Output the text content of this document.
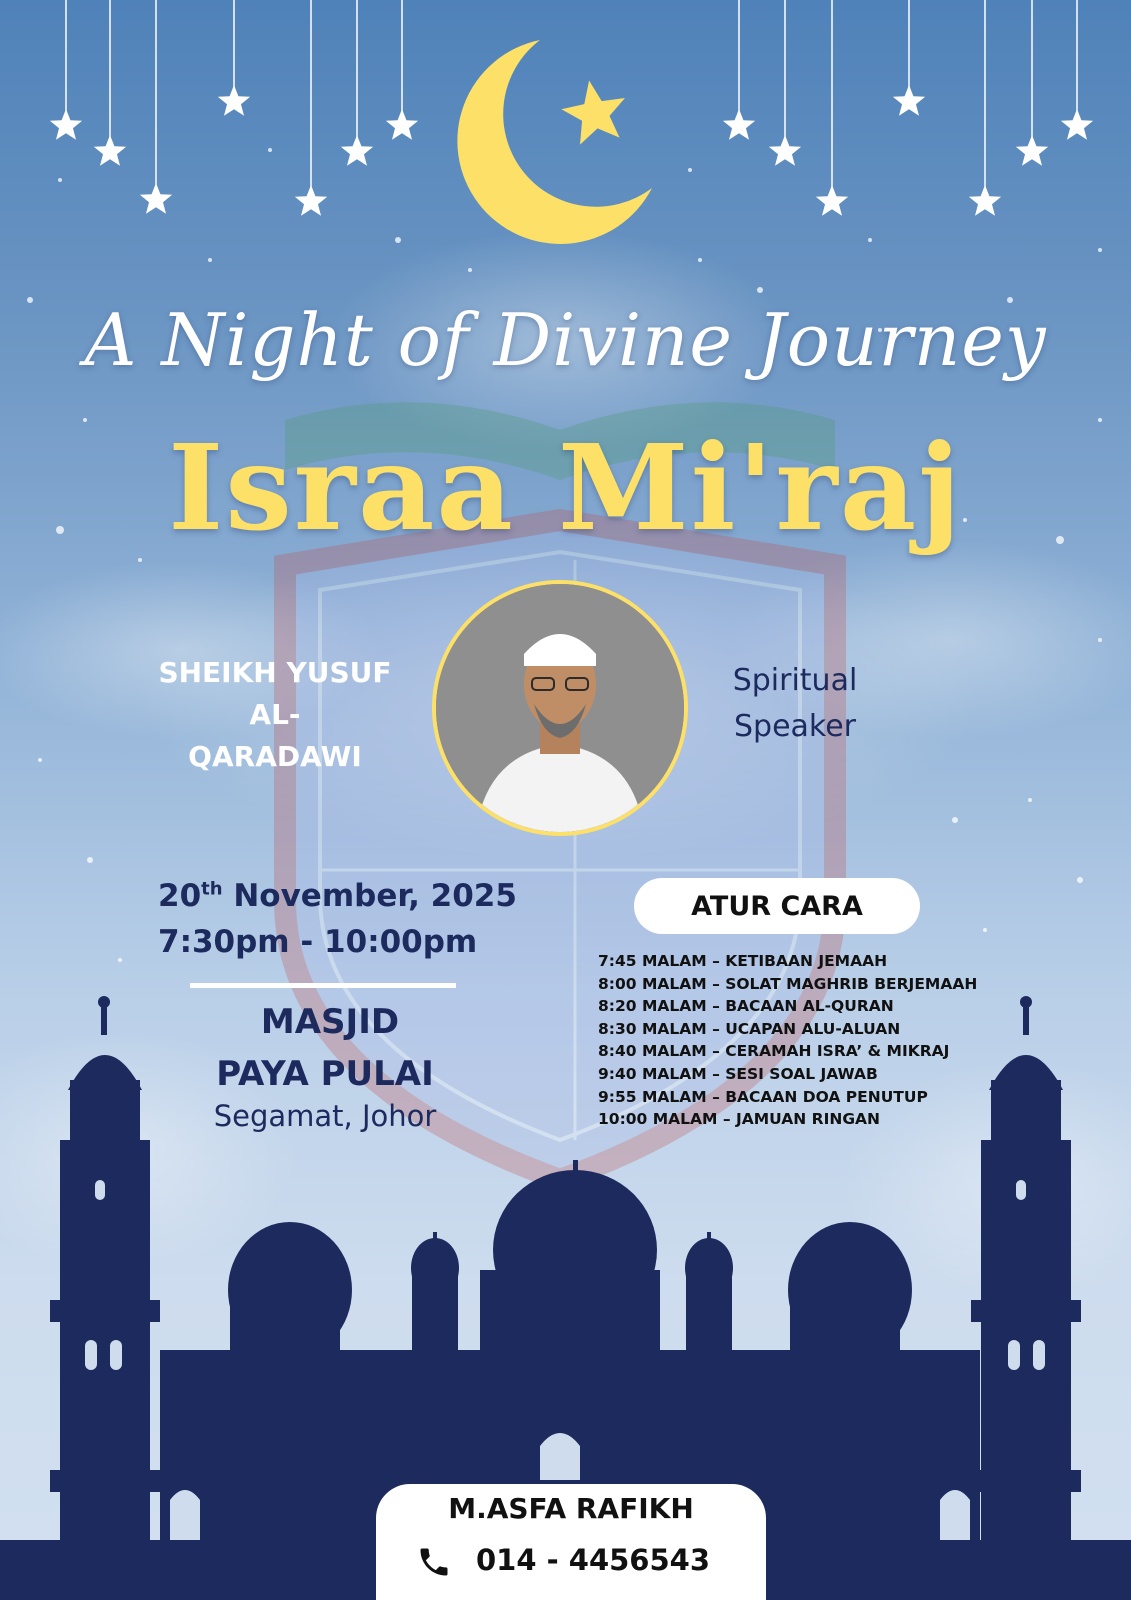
A Night of Divine Journey
Israa Mi'raj
SHEIKH YUSUF
AL-
QARADAWI
Spiritual
Speaker
20th November, 2025
7:30pm - 10:00pm
MASJID
PAYA PULAI
Segamat, Johor
ATUR CARA
7:45 MALAM – KETIBAAN JEMAAH
8:00 MALAM – SOLAT MAGHRIB BERJEMAAH
8:20 MALAM – BACAAN AL-QURAN
8:30 MALAM – UCAPAN ALU-ALUAN
8:40 MALAM – CERAMAH ISRA’ & MIKRAJ
9:40 MALAM – SESI SOAL JAWAB
9:55 MALAM – BACAAN DOA PENUTUP
10:00 MALAM – JAMUAN RINGAN
M.ASFA RAFIKH
014 - 4456543
